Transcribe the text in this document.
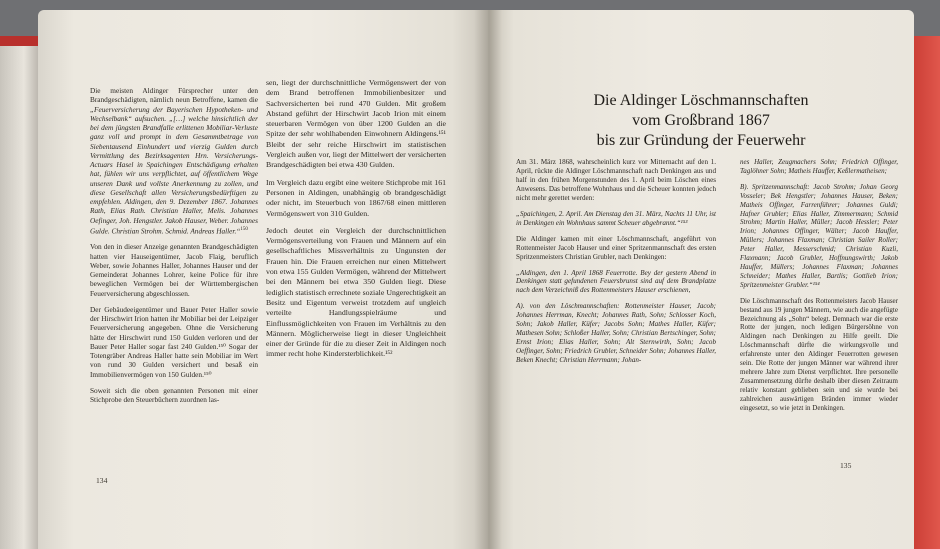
Die meisten Aldinger Fürsprecher unter den Brandgeschädigten, nämlich neun Betroffene, kamen die „Feuerversicherung der Bayerischen Hypotheken- und Wechselbank“ aufsuchen. „[…] welche hinsichtlich der bei dem jüngsten Brandfalle erlittenen Mobiliar-Verluste ganz voll und prompt in dem Gesammtbetrage von Siebentausend Einhundert und vierzig Gulden durch Vermittlung des Bezirksagenten Hrn. Versicherungs-Actuars Hasel in Spaichingen Entschädigung erhalten hat, fühlen wir uns verpflichtet, auf öffentlichem Wege unseren Dank und vollste Anerkennung zu zollen, und diese Gesellschaft allen Versicherungsbedürftigen zu empfehlen. Aldingen, den 9. Dezember 1867. Johannes Rath, Elias Rath. Christian Haller, Melis. Johannes Oefinger, Joh. Hengstler. Jakob Hauser, Weber. Johannes Gulde. Christian Strohm. Schmid. Andreas Haller.“$^{150}$

Von den in dieser Anzeige genannten Brandgeschädigten hatten vier Hauseigentümer, Jacob Flaig, beruflich Weber, sowie Johannes Haller, Johannes Hauser und der Gemeinderat Johannes Lohrer, keine Police für ihre beweglichen Vermögen bei der Württembergischen Feuerversicherung abgeschlossen.

Der Gebäudeeigentümer und Bauer Peter Haller sowie der Hirschwirt Irion hatten ihr Mobiliar bei der Leipziger Feuerversicherung angegeben. Ohne die Versicherung hätte der Hirschwirt rund 150 Gulden verloren und der Bauer Peter Haller sogar fast 240 Gulden.¹⁵⁰ Sogar der Totengräber Andreas Haller hatte sein Mobiliar im Wert von rund 30 Gulden versichert und besaß ein Immobilienvermögen von 150 Gulden.¹⁵⁰

Soweit sich die oben genannten Personen mit einer Stichprobe den Steuerbüchern zuordnen las-

sen, liegt der durchschnittliche Vermögenswert der von dem Brand betroffenen Immobilienbesitzer und Sachversicherten bei rund 470 Gulden. Mit großem Abstand geführt der Hirschwirt Jacob Irion mit einem steuerbaren Vermögen von über 1200 Gulden an die Spitze der sehr wohlhabenden Einwohnern Aldingens.¹⁵¹ Bleibt der sehr reiche Hirschwirt im statistischen Vergleich außen vor, liegt der Mittelwert der versicherten Brandgeschädigten bei etwa 430 Gulden.

Im Vergleich dazu ergibt eine weitere Stichprobe mit 161 Personen in Aldingen, unabhängig ob brandgeschädigt oder nicht, im Steuerbuch von 1867/68 einen mittleren Vermögenswert von 310 Gulden.

Jedoch deutet ein Vergleich der durchschnittlichen Vermögensverteilung von Frauen und Männern auf ein gesellschaftliches Missverhältnis zu Ungunsten der Frauen hin. Die Frauen erreichen nur einen Mittelwert von etwa 155 Gulden Vermögen, während der Mittelwert bei den Männern bei etwa 350 Gulden liegt. Diese lediglich statistisch errechnete soziale Ungerechtigkeit an Besitz und Eigentum verweist trotzdem auf ungleich verteilte Handlungsspielräume und Einflussmöglichkeiten von Frauen im Verhältnis zu den Männern. Möglicherweise liegt in dieser Ungleichheit einer der Gründe für die zu dieser Zeit in Aldingen noch immer recht hohe Kindersterblichkeit.¹⁵²

134
Die Aldinger Löschmannschaften
vom Großbrand 1867
bis zur Gründung der Feuerwehr

Am 31. März 1868, wahrscheinlich kurz vor Mitternacht auf den 1. April, rückte die Aldinger Löschmannschaft nach Denkingen aus und half in den frühen Morgenstunden des 1. April beim Löschen eines Anwesens. Das betroffene Wohnhaus und die Scheuer konnten jedoch nicht mehr gerettet werden:

„Spaichingen, 2. April. Am Dienstag den 31. März, Nachts 11 Uhr, ist in Denkingen ein Wohnhaus sammt Scheuer abgebrannt.“¹⁵³

Die Aldinger kamen mit einer Löschmannschaft, angeführt von Rottenmeister Jacob Hauser und einer Spritzenmannschaft des ersten Spritzenmeisters Christian Grubler, nach Denkingen:

„Aldingen, den 1. April 1868 Feuerrotte. Bey der gestern Abend in Denkingen statt gefundenen Feuersbrunst sind auf dem Brandplatze nach dem Verzeichniß des Rottenmeisters Hauser erschienen,

A). von den Löschmannschaften: Rottenmeister Hauser, Jacob; Johannes Herrman, Knecht; Johannes Rath, Sohn; Schlosser Koch, Sohn; Jakob Haller, Küfer; Jacobs Sohn; Mathes Haller, Küfer; Mathesen Sohn; Schloßer Haller, Sohn; Christian Bertschinger, Sohn; Ernst Irion; Elias Haller, Sohn; Alt Sternwirth, Sohn; Jacob Oeffinger, Sohn; Friedrich Grubler, Schneider Sohn; Johannes Haller, Beken Knecht; Christian Herrmann; Johan-

nes Haller, Zeugmachers Sohn; Friedrich Offinger, Taglöhner Sohn; Matheis Hauffer, Keßlermatheisen;

B). Spritzenmannschaft: Jacob Strohm; Johan Georg Vosseler; Bek Hengstler; Johannes Hauser, Beken; Matheis Offinger, Farrenführer; Johannes Guldi; Hafner Grubler; Elias Haller, Zimmermann; Schmid Strohm; Martin Haller, Müller; Jacob Hessler; Peter Irion; Johannes Offinger, Wälter; Jacob Hauffer, Müllers; Johannes Flaxman; Christian Sailer Roller; Peter Haller, Messerschmid; Christian Kuzli, Flaxmann; Jacob Grubler, Hoffnungswirth; Jakob Hauffer, Müllers; Johannes Flaxman; Johannes Schneider; Mathes Haller, Bartlis; Gottlieb Irion; Spritzenmeister Grubler.“¹⁵⁴

Die Löschmannschaft des Rottenmeisters Jacob Hauser bestand aus 19 jungen Männern, wie auch die angefügte Bezeichnung als „Sohn“ belegt. Demnach war die erste Rotte der jungen, noch ledigen Bürgersöhne von Aldingen nach Denkingen zu Hilfe geeilt. Die Löschmannschaft dürfte die wirkungsvolle und erfahrenste unter den Aldinger Feuerrotten gewesen sein. Die Rotte der jungen Männer war während ihrer mehrere Jahre zum Dienst verpflichtet. Ihre personelle Zusammensetzung dürfte deshalb über diesen Zeitraum relativ konstant geblieben sein und sie wurde bei zahlreichen auswärtigen Bränden immer wieder eingesetzt, so wie jetzt in Denkingen.

135
